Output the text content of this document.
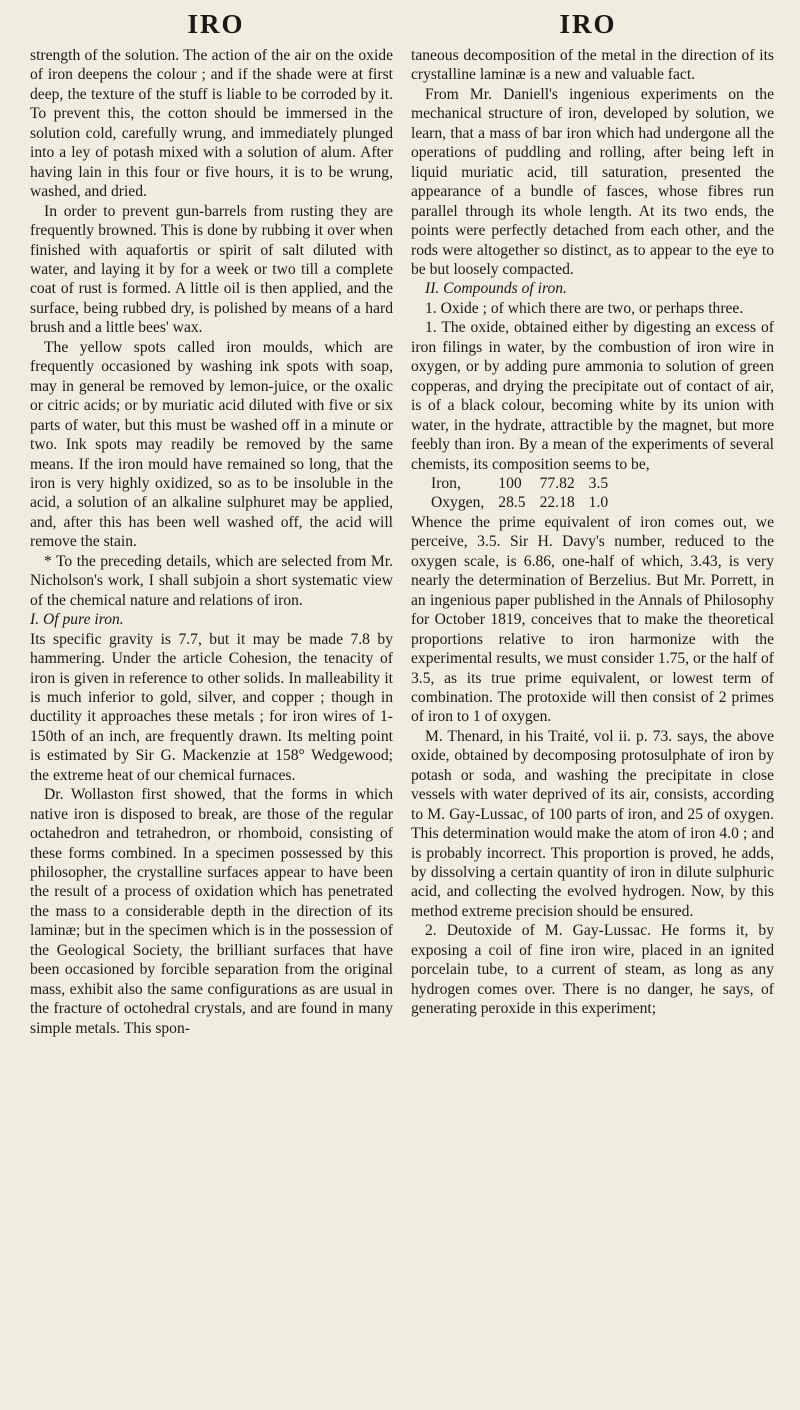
IRO	IRO

strength of the solution. The action of the air on the oxide of iron deepens the colour ; and if the shade were at first deep, the texture of the stuff is liable to be corroded by it. To prevent this, the cotton should be immersed in the solution cold, carefully wrung, and immediately plunged into a ley of potash mixed with a solution of alum. After having lain in this four or five hours, it is to be wrung, washed, and dried.

In order to prevent gun-barrels from rusting they are frequently browned. This is done by rubbing it over when finished with aquafortis or spirit of salt diluted with water, and laying it by for a week or two till a complete coat of rust is formed. A little oil is then applied, and the surface, being rubbed dry, is polished by means of a hard brush and a little bees' wax.

The yellow spots called iron moulds, which are frequently occasioned by washing ink spots with soap, may in general be removed by lemon-juice, or the oxalic or citric acids; or by muriatic acid diluted with five or six parts of water, but this must be washed off in a minute or two. Ink spots may readily be removed by the same means. If the iron mould have remained so long, that the iron is very highly oxidized, so as to be insoluble in the acid, a solution of an alkaline sulphuret may be applied, and, after this has been well washed off, the acid will remove the stain.

* To the preceding details, which are selected from Mr. Nicholson's work, I shall subjoin a short systematic view of the chemical nature and relations of iron.

I. Of pure iron.

Its specific gravity is 7.7, but it may be made 7.8 by hammering. Under the article Cohesion, the tenacity of iron is given in reference to other solids. In malleability it is much inferior to gold, silver, and copper ; though in ductility it approaches these metals ; for iron wires of 1-150th of an inch, are frequently drawn. Its melting point is estimated by Sir G. Mackenzie at 158° Wedgewood; the extreme heat of our chemical furnaces.

Dr. Wollaston first showed, that the forms in which native iron is disposed to break, are those of the regular octahedron and tetrahedron, or rhomboid, consisting of these forms combined. In a specimen possessed by this philosopher, the crystalline surfaces appear to have been the result of a process of oxidation which has penetrated the mass to a considerable depth in the direction of its laminæ; but in the specimen which is in the possession of the Geological Society, the brilliant surfaces that have been occasioned by forcible separation from the original mass, exhibit also the same configurations as are usual in the fracture of octohedral crystals, and are found in many simple metals. This spon-

taneous decomposition of the metal in the direction of its crystalline laminæ is a new and valuable fact.

From Mr. Daniell's ingenious experiments on the mechanical structure of iron, developed by solution, we learn, that a mass of bar iron which had undergone all the operations of puddling and rolling, after being left in liquid muriatic acid, till saturation, presented the appearance of a bundle of fasces, whose fibres run parallel through its whole length. At its two ends, the points were perfectly detached from each other, and the rods were altogether so distinct, as to appear to the eye to be but loosely compacted.

II. Compounds of iron.

1. Oxide ; of which there are two, or perhaps three.

1. The oxide, obtained either by digesting an excess of iron filings in water, by the combustion of iron wire in oxygen, or by adding pure ammonia to solution of green copperas, and drying the precipitate out of contact of air, is of a black colour, becoming white by its union with water, in the hydrate, attractible by the magnet, but more feebly than iron. By a mean of the experiments of several chemists, its composition seems to be,

Iron,	100	77.82	3.5
Oxygen,	28.5	22.18	1.0

Whence the prime equivalent of iron comes out, we perceive, 3.5. Sir H. Davy's number, reduced to the oxygen scale, is 6.86, one-half of which, 3.43, is very nearly the determination of Berzelius. But Mr. Porrett, in an ingenious paper published in the Annals of Philosophy for October 1819, conceives that to make the theoretical proportions relative to iron harmonize with the experimental results, we must consider 1.75, or the half of 3.5, as its true prime equivalent, or lowest term of combination. The protoxide will then consist of 2 primes of iron to 1 of oxygen.

M. Thenard, in his Traité, vol ii. p. 73. says, the above oxide, obtained by decomposing protosulphate of iron by potash or soda, and washing the precipitate in close vessels with water deprived of its air, consists, according to M. Gay-Lussac, of 100 parts of iron, and 25 of oxygen. This determination would make the atom of iron 4.0 ; and is probably incorrect. This proportion is proved, he adds, by dissolving a certain quantity of iron in dilute sulphuric acid, and collecting the evolved hydrogen. Now, by this method extreme precision should be ensured.

2. Deutoxide of M. Gay-Lussac. He forms it, by exposing a coil of fine iron wire, placed in an ignited porcelain tube, to a current of steam, as long as any hydrogen comes over. There is no danger, he says, of generating peroxide in this experiment;
